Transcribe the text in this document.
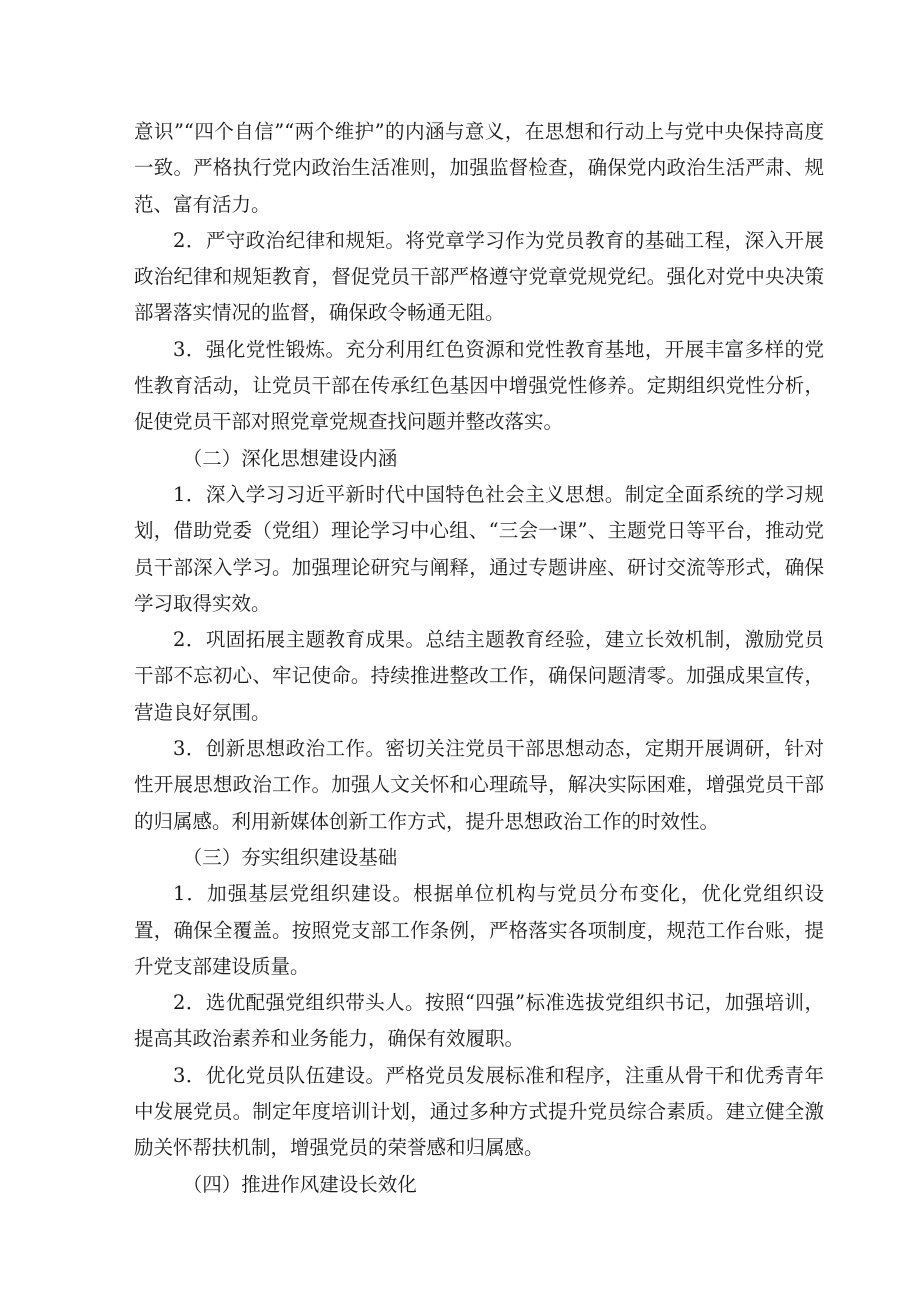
意识”“四个自信”“两个维护”的内涵与意义，在思想和行动上与党中央保持高度一致。严格执行党内政治生活准则，加强监督检查，确保党内政治生活严肃、规范、富有活力。

2．严守政治纪律和规矩。将党章学习作为党员教育的基础工程，深入开展政治纪律和规矩教育，督促党员干部严格遵守党章党规党纪。强化对党中央决策部署落实情况的监督，确保政令畅通无阻。

3．强化党性锻炼。充分利用红色资源和党性教育基地，开展丰富多样的党性教育活动，让党员干部在传承红色基因中增强党性修养。定期组织党性分析，促使党员干部对照党章党规查找问题并整改落实。

（二）深化思想建设内涵

1．深入学习习近平新时代中国特色社会主义思想。制定全面系统的学习规划，借助党委（党组）理论学习中心组、“三会一课”、主题党日等平台，推动党员干部深入学习。加强理论研究与阐释，通过专题讲座、研讨交流等形式，确保学习取得实效。

2．巩固拓展主题教育成果。总结主题教育经验，建立长效机制，激励党员干部不忘初心、牢记使命。持续推进整改工作，确保问题清零。加强成果宣传，营造良好氛围。

3．创新思想政治工作。密切关注党员干部思想动态，定期开展调研，针对性开展思想政治工作。加强人文关怀和心理疏导，解决实际困难，增强党员干部的归属感。利用新媒体创新工作方式，提升思想政治工作的时效性。

（三）夯实组织建设基础

1．加强基层党组织建设。根据单位机构与党员分布变化，优化党组织设置，确保全覆盖。按照党支部工作条例，严格落实各项制度，规范工作台账，提升党支部建设质量。

2．选优配强党组织带头人。按照“四强”标准选拔党组织书记，加强培训，提高其政治素养和业务能力，确保有效履职。

3．优化党员队伍建设。严格党员发展标准和程序，注重从骨干和优秀青年中发展党员。制定年度培训计划，通过多种方式提升党员综合素质。建立健全激励关怀帮扶机制，增强党员的荣誉感和归属感。

（四）推进作风建设长效化
